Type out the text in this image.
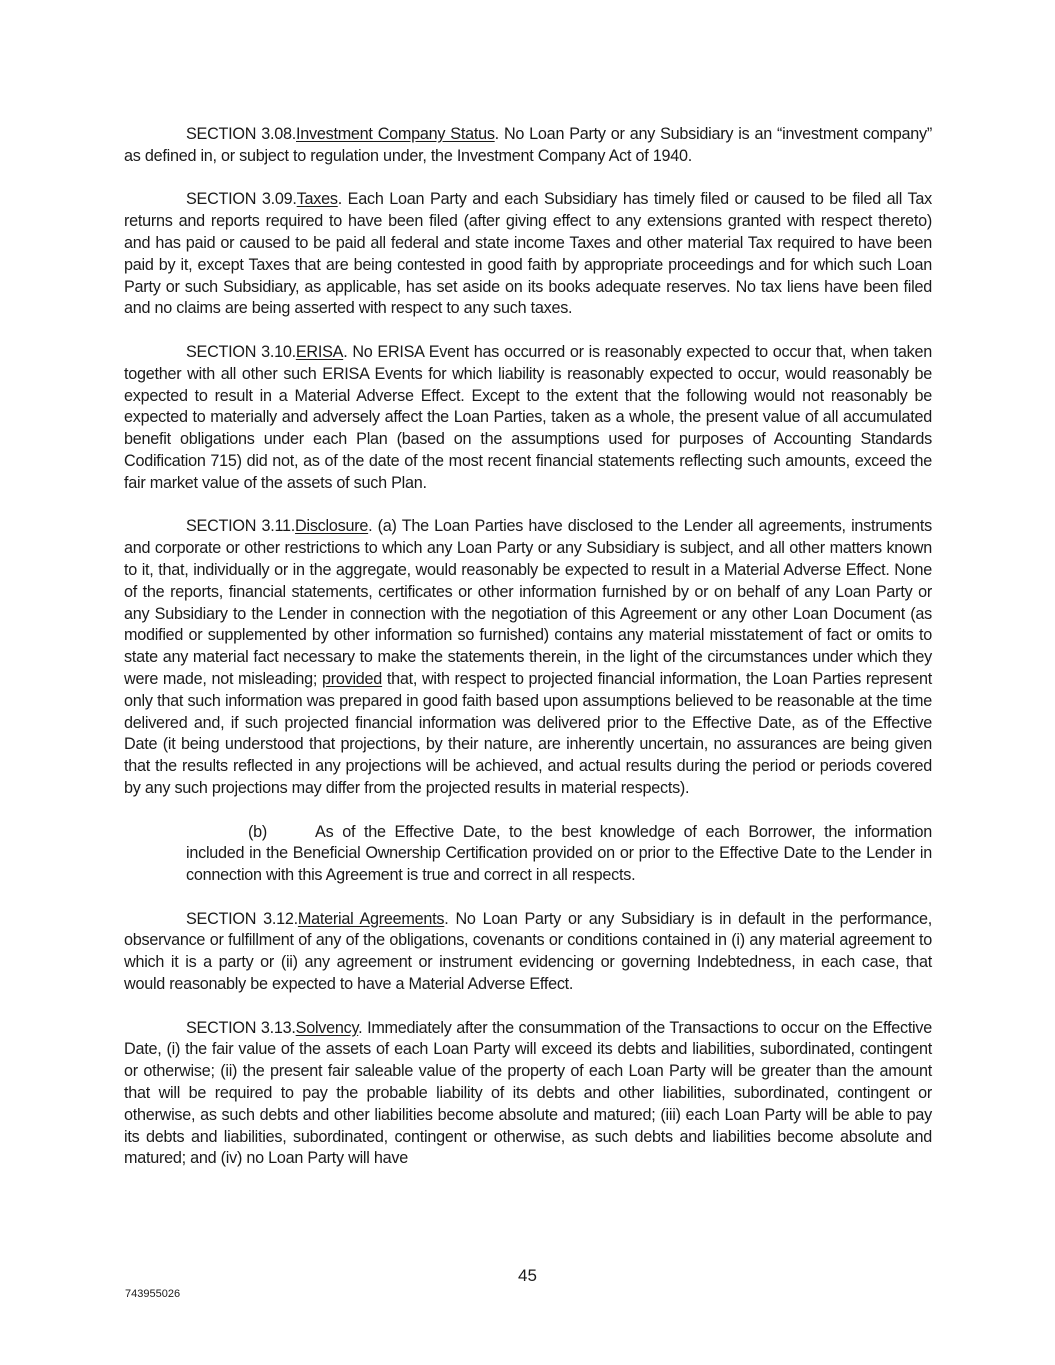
SECTION 3.08.Investment Company Status. No Loan Party or any Subsidiary is an “investment company” as defined in, or subject to regulation under, the Investment Company Act of 1940.

SECTION 3.09.Taxes. Each Loan Party and each Subsidiary has timely filed or caused to be filed all Tax returns and reports required to have been filed (after giving effect to any extensions granted with respect thereto) and has paid or caused to be paid all federal and state income Taxes and other material Tax required to have been paid by it, except Taxes that are being contested in good faith by appropriate proceedings and for which such Loan Party or such Subsidiary, as applicable, has set aside on its books adequate reserves. No tax liens have been filed and no claims are being asserted with respect to any such taxes.

SECTION 3.10.ERISA. No ERISA Event has occurred or is reasonably expected to occur that, when taken together with all other such ERISA Events for which liability is reasonably expected to occur, would reasonably be expected to result in a Material Adverse Effect. Except to the extent that the following would not reasonably be expected to materially and adversely affect the Loan Parties, taken as a whole, the present value of all accumulated benefit obligations under each Plan (based on the assumptions used for purposes of Accounting Standards Codification 715) did not, as of the date of the most recent financial statements reflecting such amounts, exceed the fair market value of the assets of such Plan.

SECTION 3.11.Disclosure. (a) The Loan Parties have disclosed to the Lender all agreements, instruments and corporate or other restrictions to which any Loan Party or any Subsidiary is subject, and all other matters known to it, that, individually or in the aggregate, would reasonably be expected to result in a Material Adverse Effect. None of the reports, financial statements, certificates or other information furnished by or on behalf of any Loan Party or any Subsidiary to the Lender in connection with the negotiation of this Agreement or any other Loan Document (as modified or supplemented by other information so furnished) contains any material misstatement of fact or omits to state any material fact necessary to make the statements therein, in the light of the circumstances under which they were made, not misleading; provided that, with respect to projected financial information, the Loan Parties represent only that such information was prepared in good faith based upon assumptions believed to be reasonable at the time delivered and, if such projected financial information was delivered prior to the Effective Date, as of the Effective Date (it being understood that projections, by their nature, are inherently uncertain, no assurances are being given that the results reflected in any projections will be achieved, and actual results during the period or periods covered by any such projections may differ from the projected results in material respects).

(b)	As of the Effective Date, to the best knowledge of each Borrower, the information included in the Beneficial Ownership Certification provided on or prior to the Effective Date to the Lender in connection with this Agreement is true and correct in all respects.

SECTION 3.12.Material Agreements. No Loan Party or any Subsidiary is in default in the performance, observance or fulfillment of any of the obligations, covenants or conditions contained in (i) any material agreement to which it is a party or (ii) any agreement or instrument evidencing or governing Indebtedness, in each case, that would reasonably be expected to have a Material Adverse Effect.

SECTION 3.13.Solvency. Immediately after the consummation of the Transactions to occur on the Effective Date, (i) the fair value of the assets of each Loan Party will exceed its debts and liabilities, subordinated, contingent or otherwise; (ii) the present fair saleable value of the property of each Loan Party will be greater than the amount that will be required to pay the probable liability of its debts and other liabilities, subordinated, contingent or otherwise, as such debts and other liabilities become absolute and matured; (iii) each Loan Party will be able to pay its debts and liabilities, subordinated, contingent or otherwise, as such debts and liabilities become absolute and matured; and (iv) no Loan Party will have

45
743955026
